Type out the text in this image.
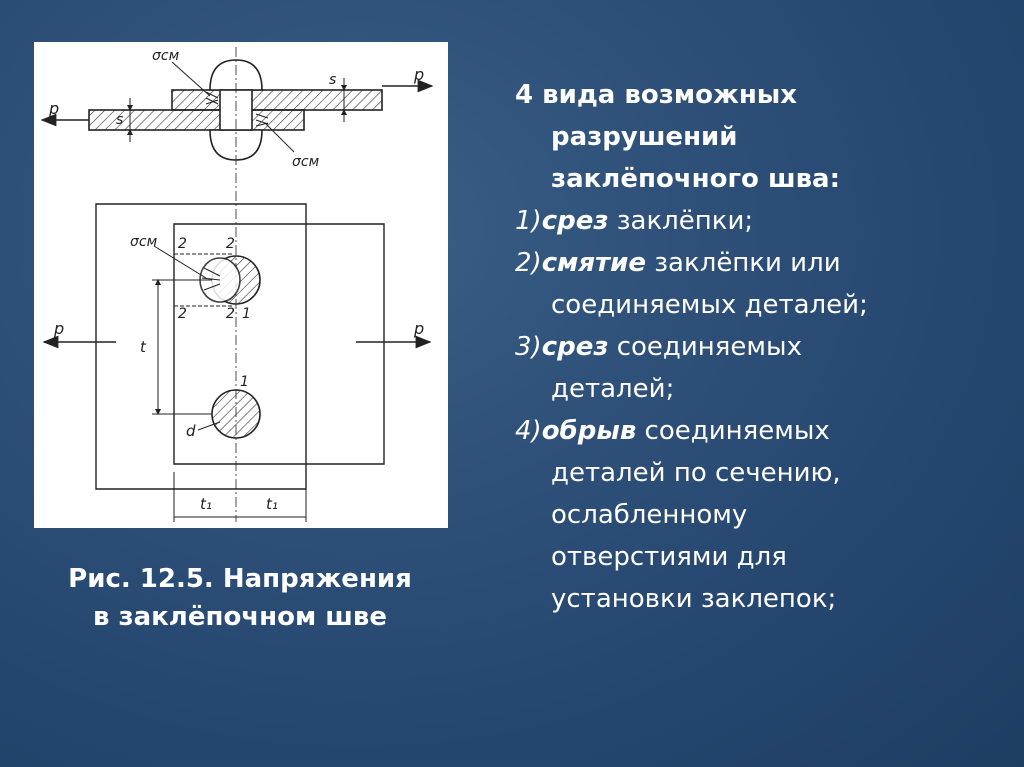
p
p
s
s
σсм
σсм
p	p
σсм 2	2
2	2 1
1
t
d
t₁	t₁
Рис. 12.5. Напряжения
в заклёпочном шве
4 вида возможных
разрушений
заклёпочного шва:
1)срез заклёпки;
2)смятие заклёпки или
соединяемых деталей;
3)срез соединяемых
деталей;
4)обрыв соединяемых
деталей по сечению,
ослабленному
отверстиями для
установки заклепок;
